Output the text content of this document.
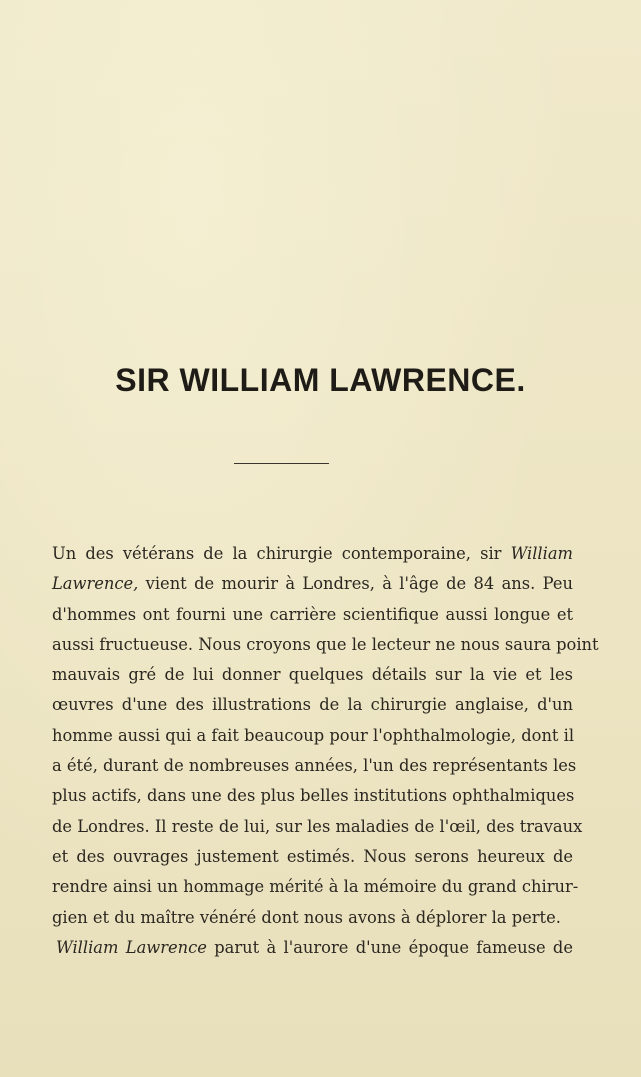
SIR WILLIAM LAWRENCE.
Un des vétérans de la chirurgie contemporaine, sir William
Lawrence, vient de mourir à Londres, à l'âge de 84 ans. Peu
d'hommes ont fourni une carrière scientifique aussi longue et
aussi fructueuse. Nous croyons que le lecteur ne nous saura point
mauvais gré de lui donner quelques détails sur la vie et les
œuvres d'une des illustrations de la chirurgie anglaise, d'un
homme aussi qui a fait beaucoup pour l'ophthalmologie, dont il
a été, durant de nombreuses années, l'un des représentants les
plus actifs, dans une des plus belles institutions ophthalmiques
de Londres. Il reste de lui, sur les maladies de l'œil, des travaux
et des ouvrages justement estimés. Nous serons heureux de
rendre ainsi un hommage mérité à la mémoire du grand chirur-
gien et du maître vénéré dont nous avons à déplorer la perte.
William Lawrence parut à l'aurore d'une époque fameuse de
